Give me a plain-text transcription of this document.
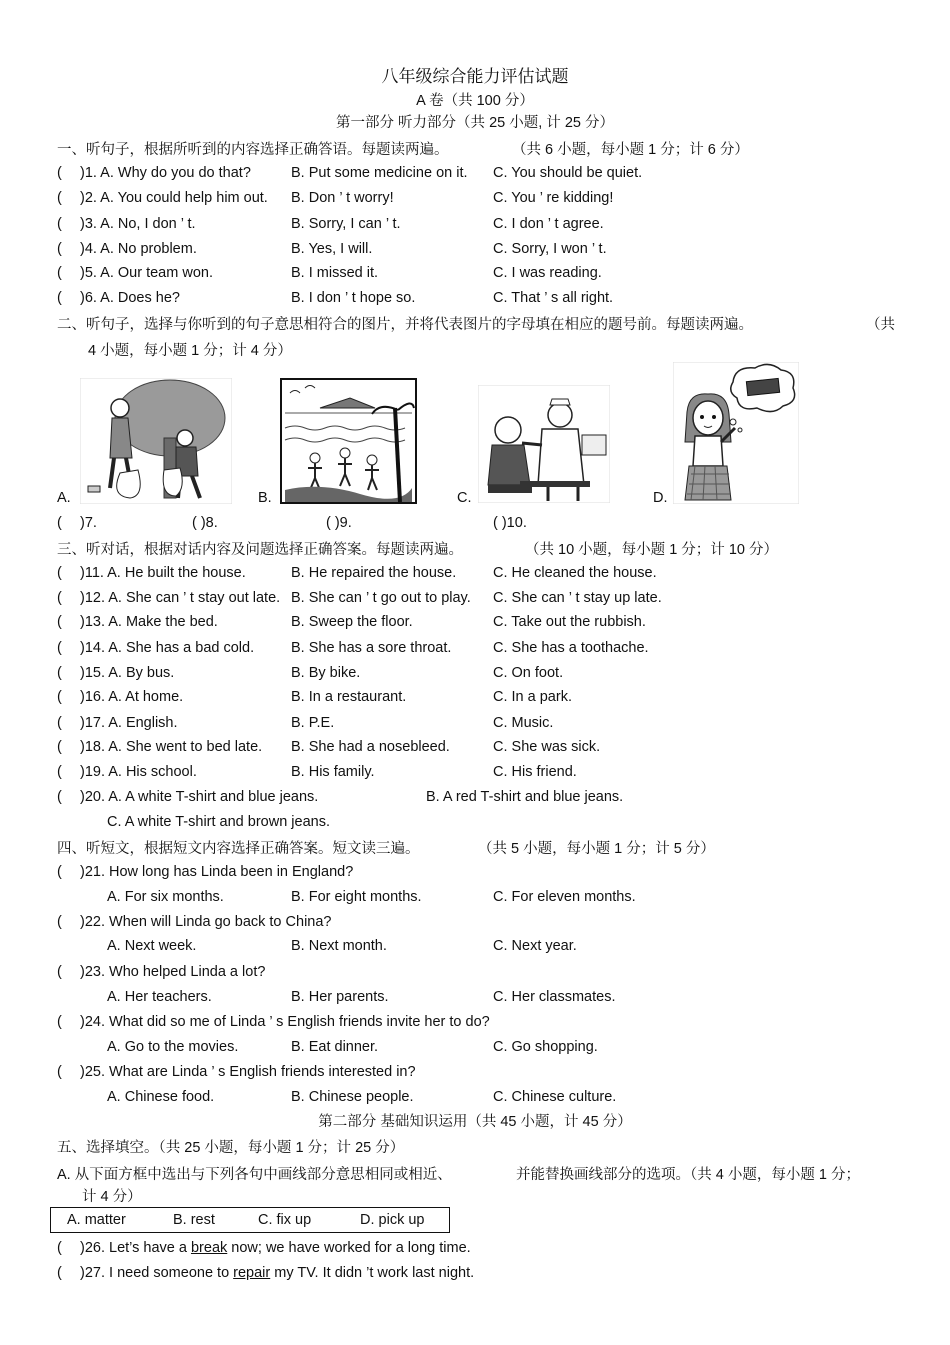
八年级综合能力评估试题
A 卷（共 100 分）
第一部分 听力部分（共 25 小题, 计 25 分）
一、听句子，根据所听到的内容选择正确答语。每题读两遍。	（共 6 小题，每小题 1 分；计 6 分）
( )1. A. Why do you do that?	B. Put some medicine on it. C. You should be quiet.
( )2. A. You could help him out. B. Don ’ t worry!	C. You ’ re kidding!
( )3. A. No, I don ’ t.	B. Sorry, I can ’ t.	C. I don ’ t agree.
( )4. A. No problem.	B. Yes, I will.	C. Sorry, I won ’ t.
( )5. A. Our team won.	B. I missed it.	C. I was reading.
( )6. A. Does he?	B. I don ’ t hope so.	C. That ’ s all right.
二、听句子，选择与你听到的句子意思相符合的图片，并将代表图片的字母填在相应的题号前。每题读两遍。	（共
4 小题，每小题 1 分；计 4 分）
A.	B.	C.	D.
( )7.	( )8.	( )9.	( )10.
三、听对话，根据对话内容及问题选择正确答案。每题读两遍。	（共 10 小题，每小题 1 分；计 10 分）
( )11. A. He built the house.	B. He repaired the house.	C. He cleaned the house.
( )12. A. She can ’ t stay out late. B. She can ’ t go out to play. C. She can ’ t stay up late.
( )13. A. Make the bed.	B. Sweep the floor.	C. Take out the rubbish.
( )14. A. She has a bad cold.	B. She has a sore throat.	C. She has a toothache.
( )15. A. By bus.	B. By bike.	C. On foot.
( )16. A. At home.	B. In a restaurant.	C. In a park.
( )17. A. English.	B. P.E.	C. Music.
( )18. A. She went to bed late. B. She had a nosebleed.	C. She was sick.
( )19. A. His school.	B. His family.	C. His friend.
( )20. A. A white T-shirt and blue jeans.	B. A red T-shirt and blue jeans.
C. A white T-shirt and brown jeans.
四、听短文，根据短文内容选择正确答案。短文读三遍。	（共 5 小题，每小题 1 分；计 5 分）
( )21. How long has Linda been in England?
A. For six months.	B. For eight months.	C. For eleven months.
( )22. When will Linda go back to China?
A. Next week.	B. Next month.	C. Next year.
( )23. Who helped Linda a lot?
A. Her teachers.	B. Her parents.	C. Her classmates.
( )24. What did so me of Linda ’ s English friends invite her to do?
A. Go to the movies.	B. Eat dinner.	C. Go shopping.
( )25. What are Linda ’ s English friends interested in?
A. Chinese food.	B. Chinese people.	C. Chinese culture.
第二部分 基础知识运用（共 45 小题，计 45 分）
五、选择填空。（共 25 小题，每小题 1 分；计 25 分）
A. 从下面方框中选出与下列各句中画线部分意思相同或相近、	并能替换画线部分的选项。（共 4 小题，每小题 1 分；
计 4 分）
A. matter	B. rest	C. fix up	D. pick up
( )26. Let’s have a break now; we have worked for a long time.
( )27. I need someone to repair my TV. It didn ’t work last night.
